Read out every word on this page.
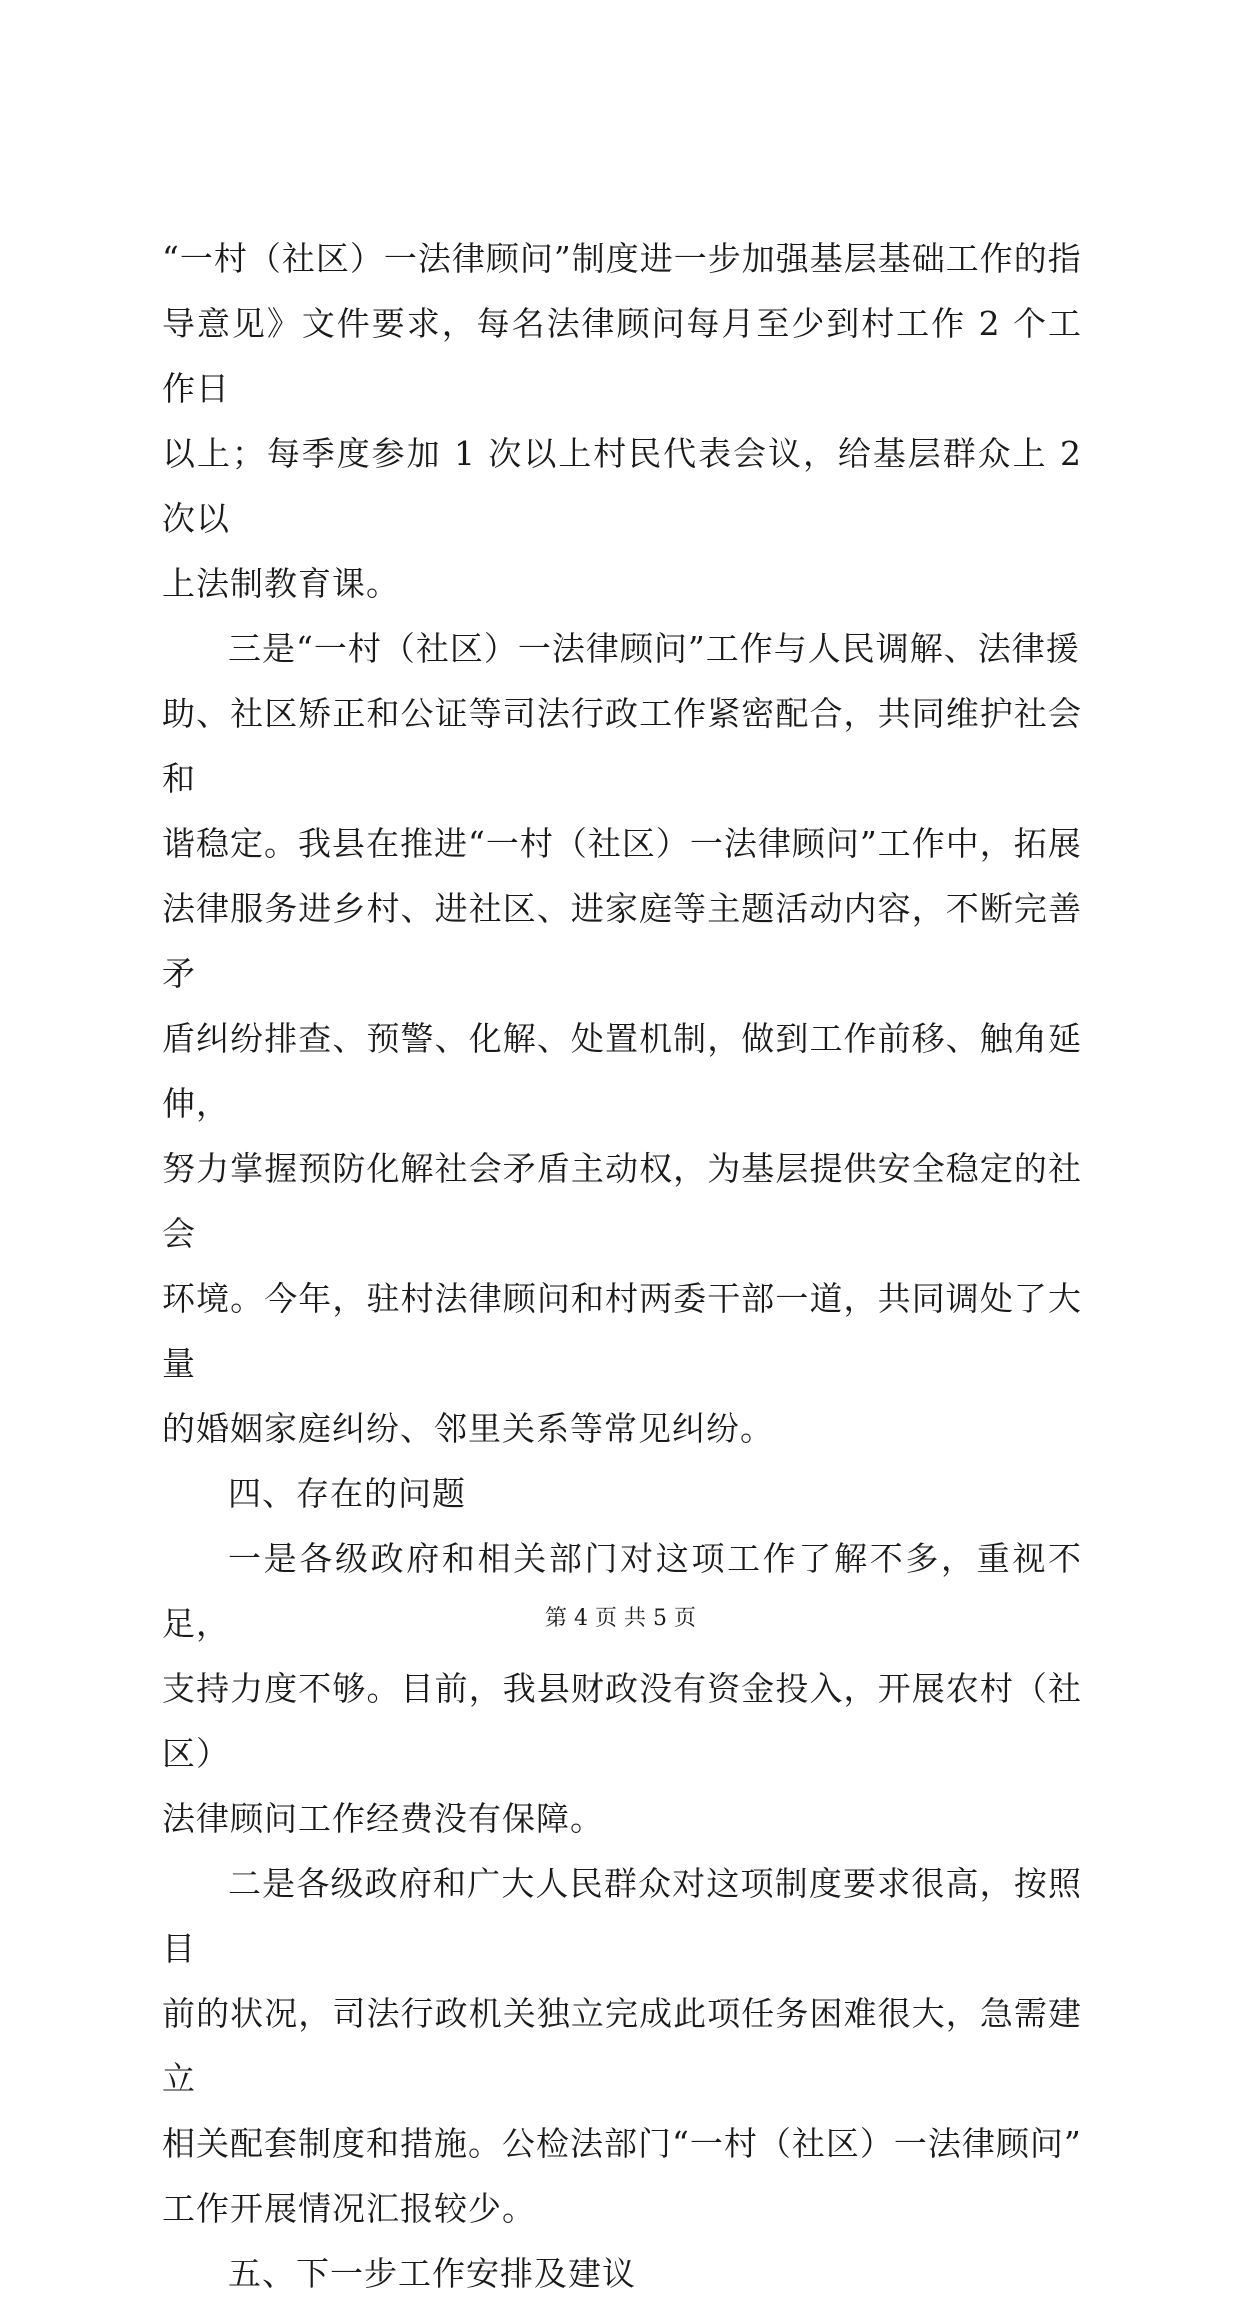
“一村（社区）一法律顾问”制度进一步加强基层基础工作的指
导意见》文件要求，每名法律顾问每月至少到村工作 2 个工作日
以上；每季度参加 1 次以上村民代表会议，给基层群众上 2 次以
上法制教育课。

三是“一村（社区）一法律顾问”工作与人民调解、法律援
助、社区矫正和公证等司法行政工作紧密配合，共同维护社会和
谐稳定。我县在推进“一村（社区）一法律顾问”工作中，拓展
法律服务进乡村、进社区、进家庭等主题活动内容，不断完善矛
盾纠纷排查、预警、化解、处置机制，做到工作前移、触角延伸，
努力掌握预防化解社会矛盾主动权，为基层提供安全稳定的社会
环境。今年，驻村法律顾问和村两委干部一道，共同调处了大量
的婚姻家庭纠纷、邻里关系等常见纠纷。

四、存在的问题

一是各级政府和相关部门对这项工作了解不多，重视不足，
支持力度不够。目前，我县财政没有资金投入，开展农村（社区）
法律顾问工作经费没有保障。

二是各级政府和广大人民群众对这项制度要求很高，按照目
前的状况，司法行政机关独立完成此项任务困难很大，急需建立
相关配套制度和措施。公检法部门“一村（社区）一法律顾问”
工作开展情况汇报较少。

五、下一步工作安排及建议

第 4 页 共 5 页
